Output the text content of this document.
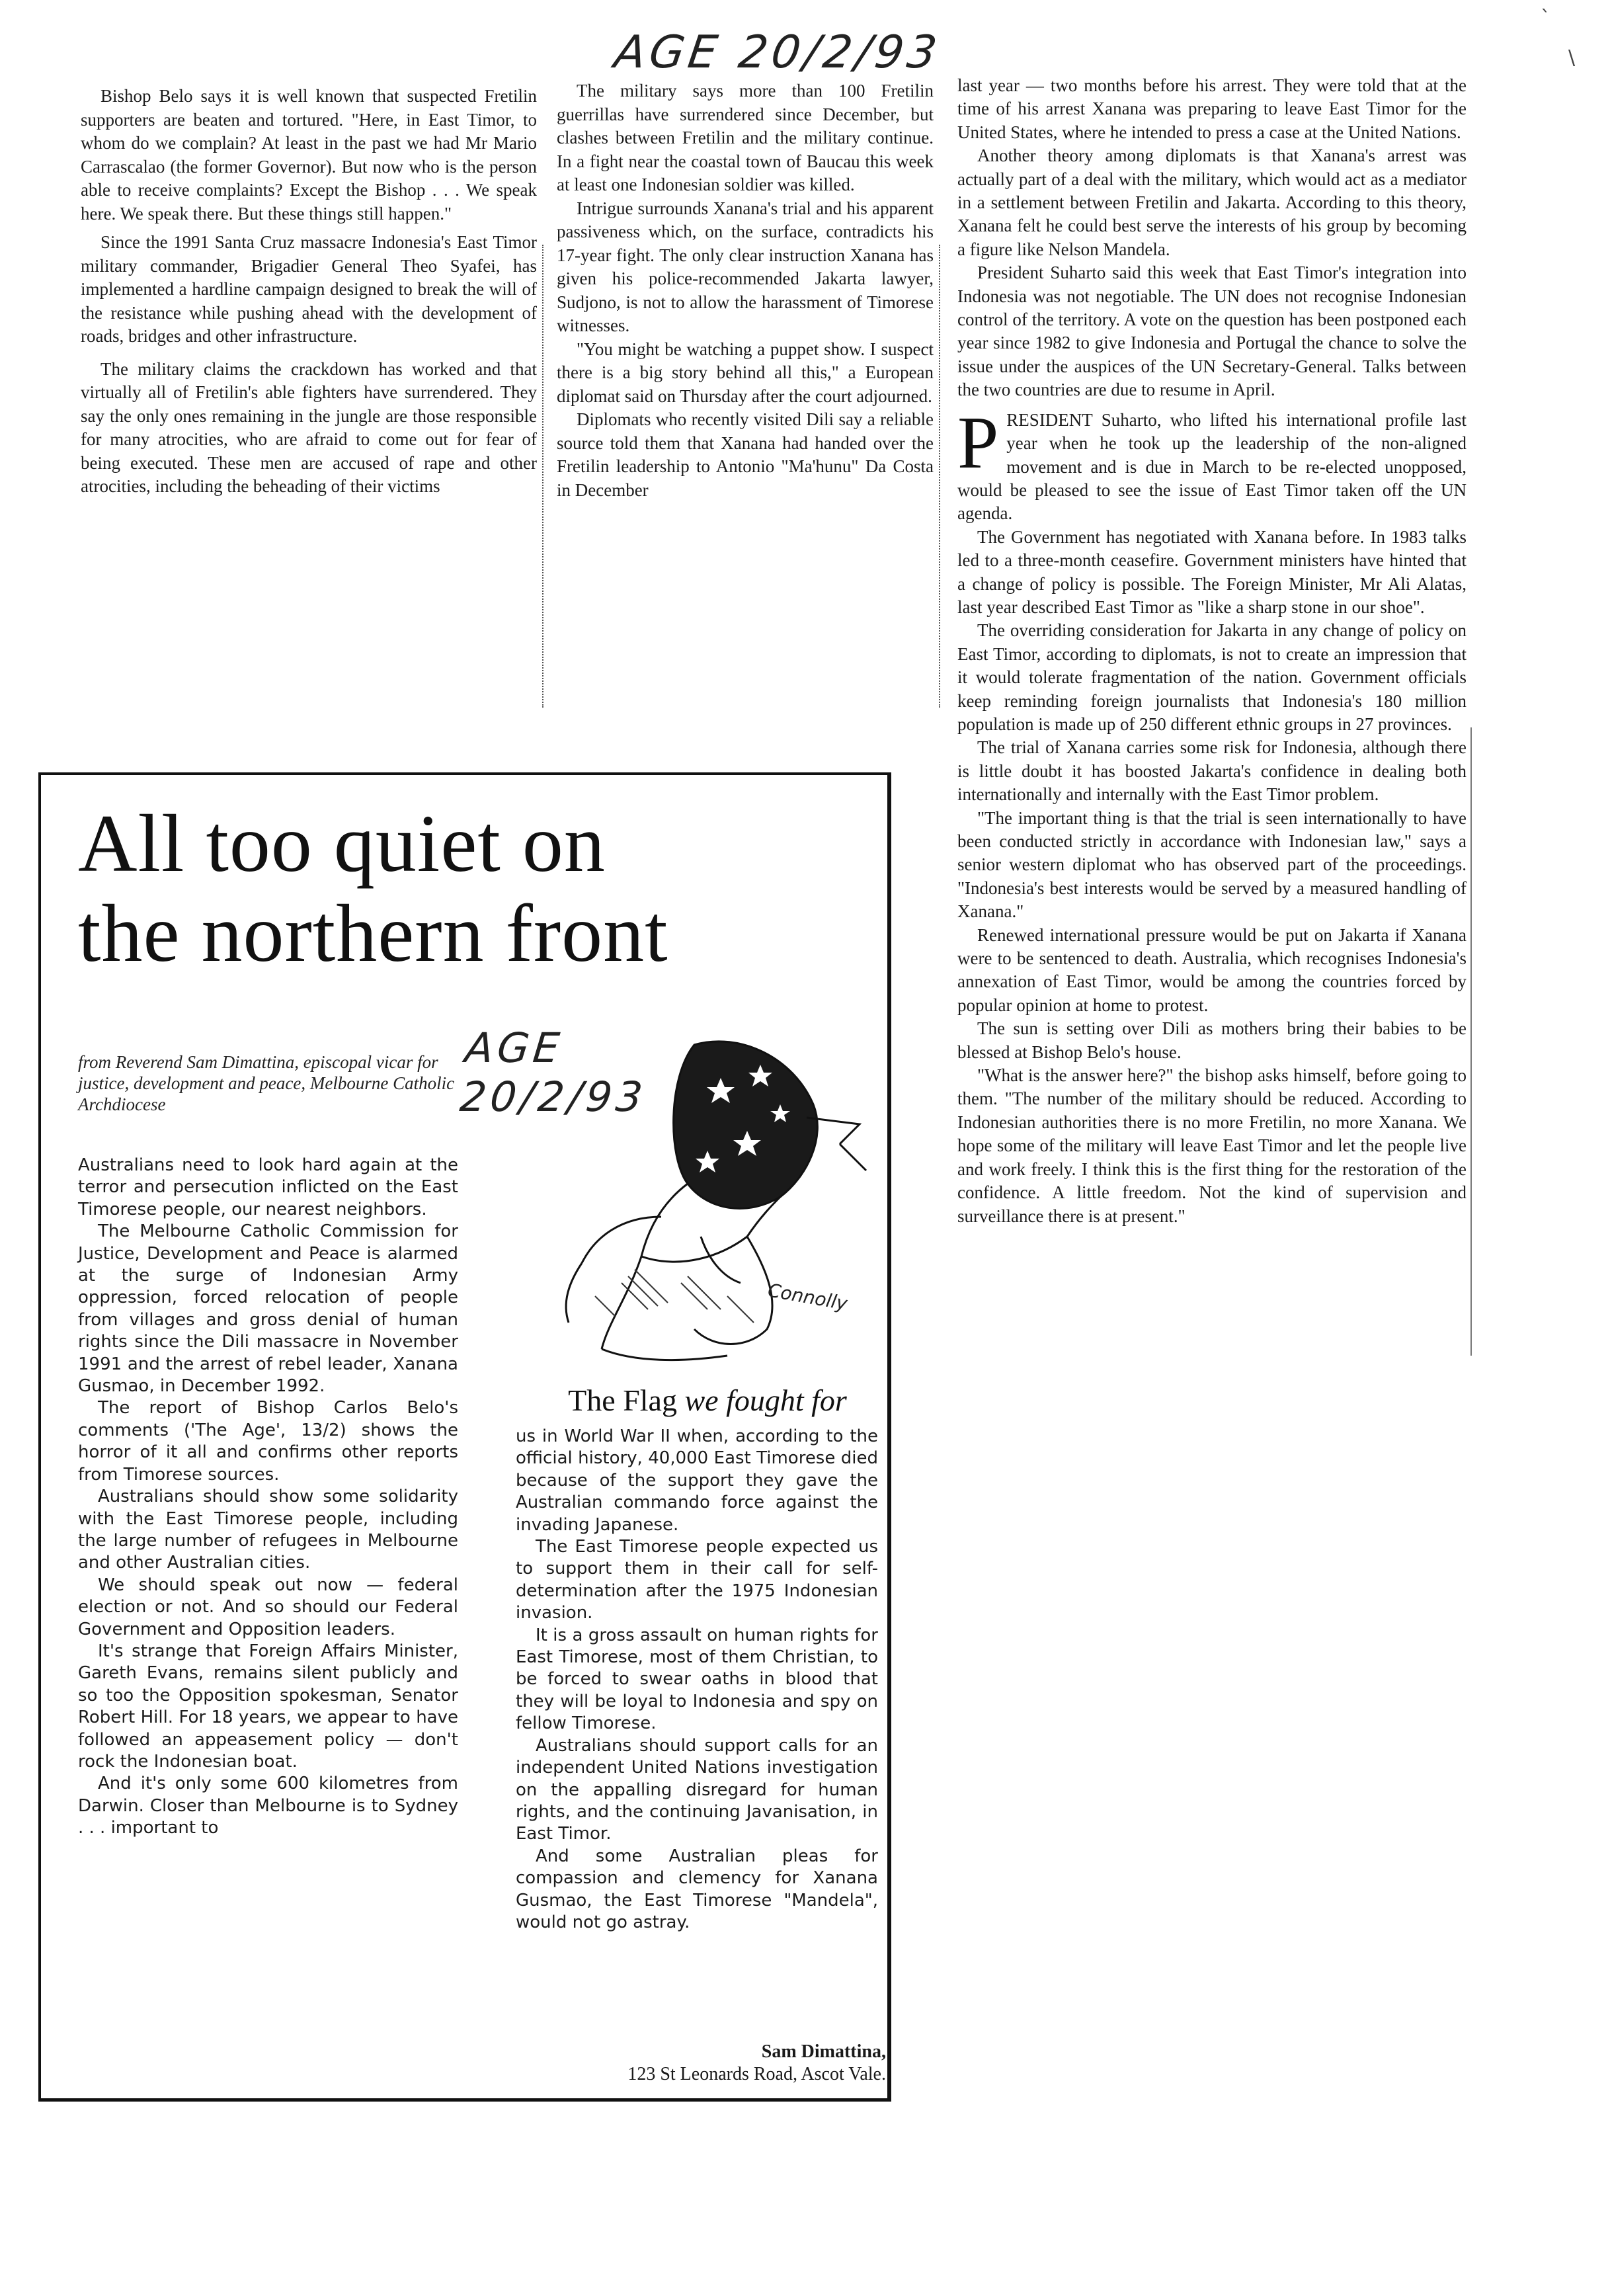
AGE 20/2/93
`
\

Bishop Belo says it is well known that suspected Fretilin supporters are beaten and tortured. "Here, in East Timor, to whom do we complain? At least in the past we had Mr Mario Carrascalao (the former Governor). But now who is the person able to receive complaints? Except the Bishop . . . We speak here. We speak there. But these things still happen."

Since the 1991 Santa Cruz massacre Indonesia's East Timor military commander, Brigadier General Theo Syafei, has implemented a hardline campaign designed to break the will of the resistance while pushing ahead with the development of roads, bridges and other infrastructure.

The military claims the crackdown has worked and that virtually all of Fretilin's able fighters have surrendered. They say the only ones remaining in the jungle are those responsible for many atrocities, who are afraid to come out for fear of being executed. These men are accused of rape and other atrocities, including the beheading of their victims

The military says more than 100 Fretilin guerrillas have surrendered since December, but clashes between Fretilin and the military continue. In a fight near the coastal town of Baucau this week at least one Indonesian soldier was killed.

Intrigue surrounds Xanana's trial and his apparent passiveness which, on the surface, contradicts his 17-year fight. The only clear instruction Xanana has given his police-recommended Jakarta lawyer, Sudjono, is not to allow the harassment of Timorese witnesses.

"You might be watching a puppet show. I suspect there is a big story behind all this," a European diplomat said on Thursday after the court adjourned.

Diplomats who recently visited Dili say a reliable source told them that Xanana had handed over the Fretilin leadership to Antonio "Ma'hunu" Da Costa in December

last year — two months before his arrest. They were told that at the time of his arrest Xanana was preparing to leave East Timor for the United States, where he intended to press a case at the United Nations.

Another theory among diplomats is that Xanana's arrest was actually part of a deal with the military, which would act as a mediator in a settlement between Fretilin and Jakarta. According to this theory, Xanana felt he could best serve the interests of his group by becoming a figure like Nelson Mandela.

President Suharto said this week that East Timor's integration into Indonesia was not negotiable. The UN does not recognise Indonesian control of the territory. A vote on the question has been postponed each year since 1982 to give Indonesia and Portugal the chance to solve the issue under the auspices of the UN Secretary-General. Talks between the two countries are due to resume in April.

PRESIDENT Suharto, who lifted his international profile last year when he took up the leadership of the non-aligned movement and is due in March to be re-elected unopposed, would be pleased to see the issue of East Timor taken off the UN agenda.

The Government has negotiated with Xanana before. In 1983 talks led to a three-month ceasefire. Government ministers have hinted that a change of policy is possible. The Foreign Minister, Mr Ali Alatas, last year described East Timor as "like a sharp stone in our shoe".

The overriding consideration for Jakarta in any change of policy on East Timor, according to diplomats, is not to create an impression that it would tolerate fragmentation of the nation. Government officials keep reminding foreign journalists that Indonesia's 180 million population is made up of 250 different ethnic groups in 27 provinces.

The trial of Xanana carries some risk for Indonesia, although there is little doubt it has boosted Jakarta's confidence in dealing both internationally and internally with the East Timor problem.

"The important thing is that the trial is seen internationally to have been conducted strictly in accordance with Indonesian law," says a senior western diplomat who has observed part of the proceedings. "Indonesia's best interests would be served by a measured handling of Xanana."

Renewed international pressure would be put on Jakarta if Xanana were to be sentenced to death. Australia, which recognises Indonesia's annexation of East Timor, would be among the countries forced by popular opinion at home to protest.

The sun is setting over Dili as mothers bring their babies to be blessed at Bishop Belo's house.

"What is the answer here?" the bishop asks himself, before going to them. "The number of the military should be reduced. According to Indonesian authorities there is no more Fretilin, no more Xanana. We hope some of the military will leave East Timor and let the people live and work freely. I think this is the first thing for the restoration of the confidence. A little freedom. Not the kind of supervision and surveillance there is at present."

All too quiet on
the northern front
AGE
20/2/93
from Reverend Sam Dimattina, episcopal vicar for justice, development and peace, Melbourne Catholic Archdiocese
Connolly
The Flag we fought for

Australians need to look hard again at the terror and persecution inflicted on the East Timorese people, our nearest neighbors.

The Melbourne Catholic Commission for Justice, Development and Peace is alarmed at the surge of Indonesian Army oppression, forced relocation of people from villages and gross denial of human rights since the Dili massacre in November 1991 and the arrest of rebel leader, Xanana Gusmao, in December 1992.

The report of Bishop Carlos Belo's comments ('The Age', 13/2) shows the horror of it all and confirms other reports from Timorese sources.

Australians should show some solidarity with the East Timorese people, including the large number of refugees in Melbourne and other Australian cities.

We should speak out now — federal election or not. And so should our Federal Government and Opposition leaders.

It's strange that Foreign Affairs Minister, Gareth Evans, remains silent publicly and so too the Opposition spokesman, Senator Robert Hill. For 18 years, we appear to have followed an appeasement policy — don't rock the Indonesian boat.

And it's only some 600 kilometres from Darwin. Closer than Melbourne is to Sydney . . . important to

us in World War II when, according to the official history, 40,000 East Timorese died because of the support they gave the Australian commando force against the invading Japanese.

The East Timorese people expected us to support them in their call for self-determination after the 1975 Indonesian invasion.

It is a gross assault on human rights for East Timorese, most of them Christian, to be forced to swear oaths in blood that they will be loyal to Indonesia and spy on fellow Timorese.

Australians should support calls for an independent United Nations investigation on the appalling disregard for human rights, and the continuing Javanisation, in East Timor.

And some Australian pleas for compassion and clemency for Xanana Gusmao, the East Timorese "Mandela", would not go astray.

Sam Dimattina,
123 St Leonards Road, Ascot Vale.
